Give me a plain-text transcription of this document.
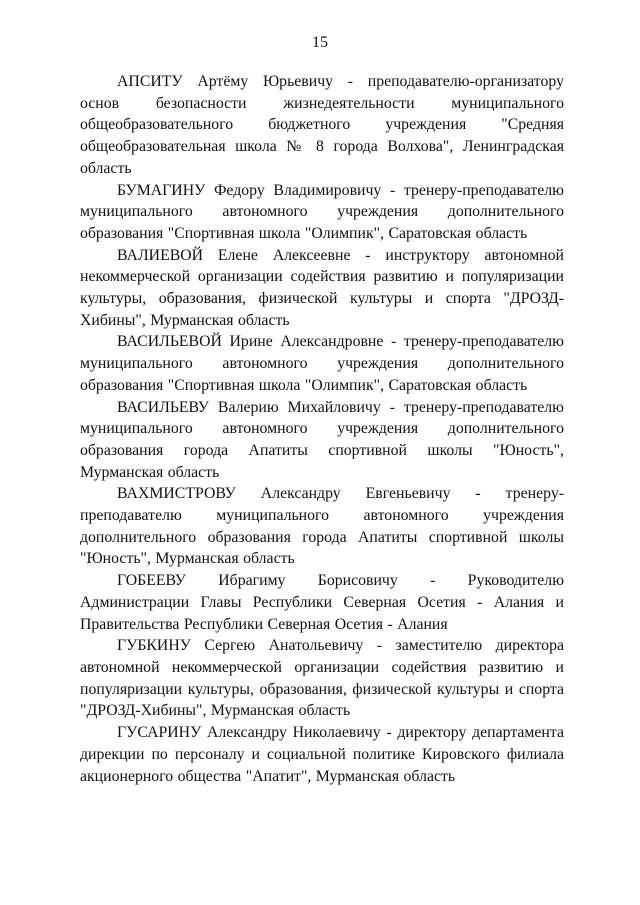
15

АПСИТУ Артёму Юрьевичу - преподавателю-организатору основ безопасности жизнедеятельности муниципального общеобразовательного бюджетного учреждения "Средняя общеобразовательная школа № 8 города Волхова", Ленинградская область

БУМАГИНУ Федору Владимировичу - тренеру-преподавателю муниципального автономного учреждения дополнительного образования "Спортивная школа "Олимпик", Саратовская область

ВАЛИЕВОЙ Елене Алексеевне - инструктору автономной некоммерческой организации содействия развитию и популяризации культуры, образования, физической культуры и спорта "ДРОЗД-Хибины", Мурманская область

ВАСИЛЬЕВОЙ Ирине Александровне - тренеру-преподавателю муниципального автономного учреждения дополнительного образования "Спортивная школа "Олимпик", Саратовская область

ВАСИЛЬЕВУ Валерию Михайловичу - тренеру-преподавателю муниципального автономного учреждения дополнительного образования города Апатиты спортивной школы "Юность", Мурманская область

ВАХМИСТРОВУ Александру Евгеньевичу - тренеру-преподавателю муниципального автономного учреждения дополнительного образования города Апатиты спортивной школы "Юность", Мурманская область

ГОБЕЕВУ Ибрагиму Борисовичу - Руководителю Администрации Главы Республики Северная Осетия - Алания и Правительства Республики Северная Осетия - Алания

ГУБКИНУ Сергею Анатольевичу - заместителю директора автономной некоммерческой организации содействия развитию и популяризации культуры, образования, физической культуры и спорта "ДРОЗД-Хибины", Мурманская область

ГУСАРИНУ Александру Николаевичу - директору департамента дирекции по персоналу и социальной политике Кировского филиала акционерного общества "Апатит", Мурманская область
